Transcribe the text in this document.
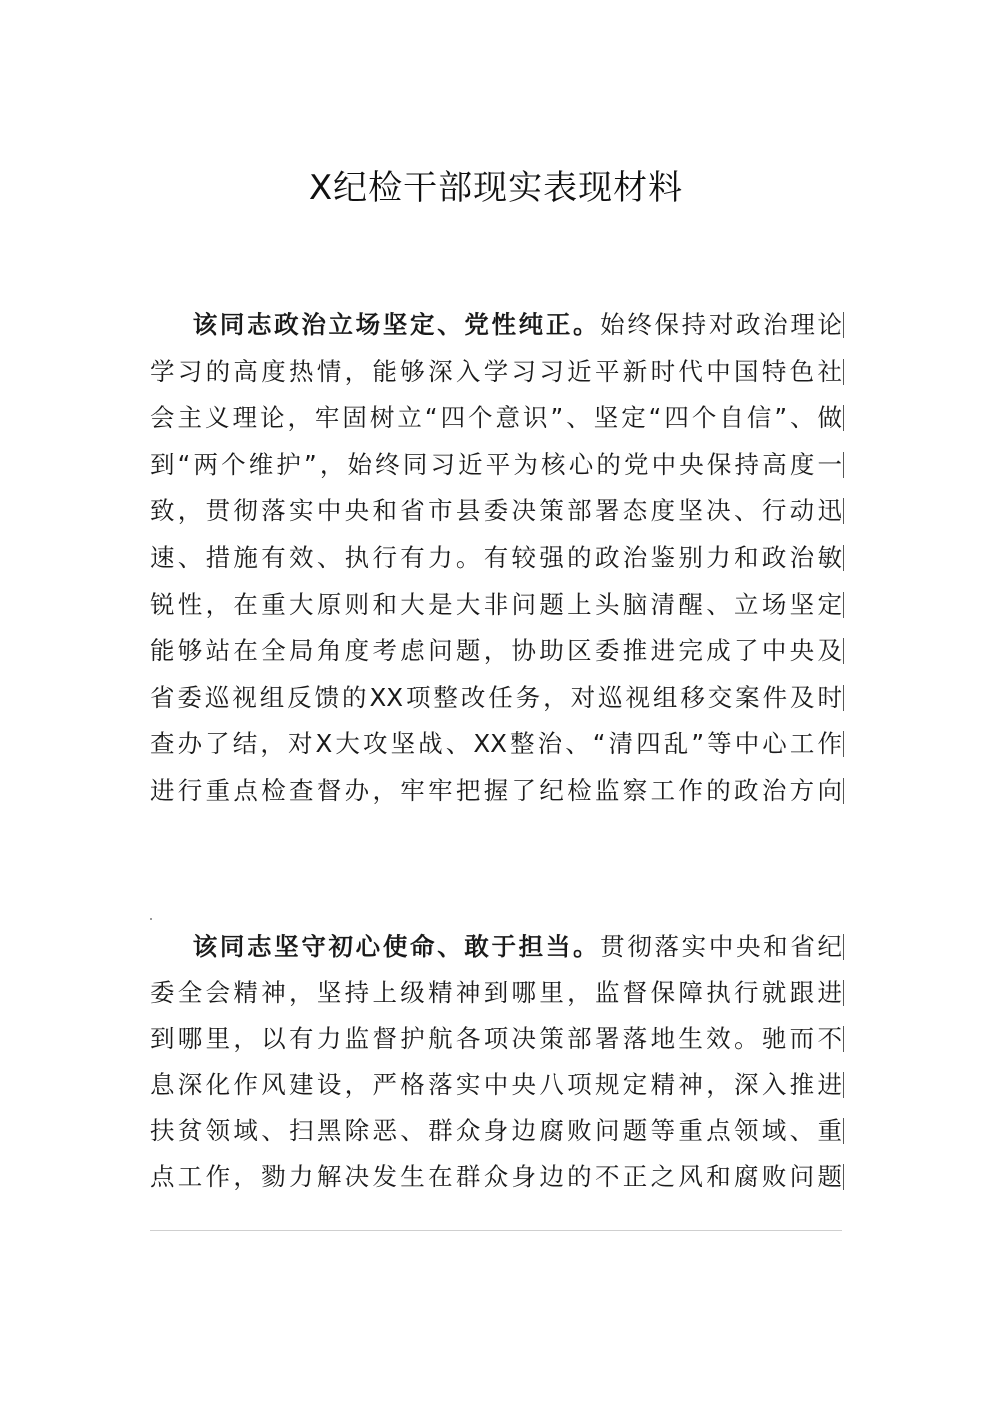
X纪检干部现实表现材料
该同志政治立场坚定、党性纯正。始终保持对政治理论
学习的高度热情，能够深入学习习近平新时代中国特色社
会主义理论，牢固树立“四个意识”、坚定“四个自信”、做
到“两个维护”，始终同习近平为核心的党中央保持高度一
致，贯彻落实中央和省市县委决策部署态度坚决、行动迅
速、措施有效、执行有力。有较强的政治鉴别力和政治敏
锐性，在重大原则和大是大非问题上头脑清醒、立场坚定
能够站在全局角度考虑问题，协助区委推进完成了中央及
省委巡视组反馈的XX项整改任务，对巡视组移交案件及时
查办了结，对X大攻坚战、XX整治、“清四乱”等中心工作
进行重点检查督办，牢牢把握了纪检监察工作的政治方向
该同志坚守初心使命、敢于担当。贯彻落实中央和省纪
委全会精神，坚持上级精神到哪里，监督保障执行就跟进
到哪里，以有力监督护航各项决策部署落地生效。驰而不
息深化作风建设，严格落实中央八项规定精神，深入推进
扶贫领域、扫黑除恶、群众身边腐败问题等重点领域、重
点工作，勠力解决发生在群众身边的不正之风和腐败问题
